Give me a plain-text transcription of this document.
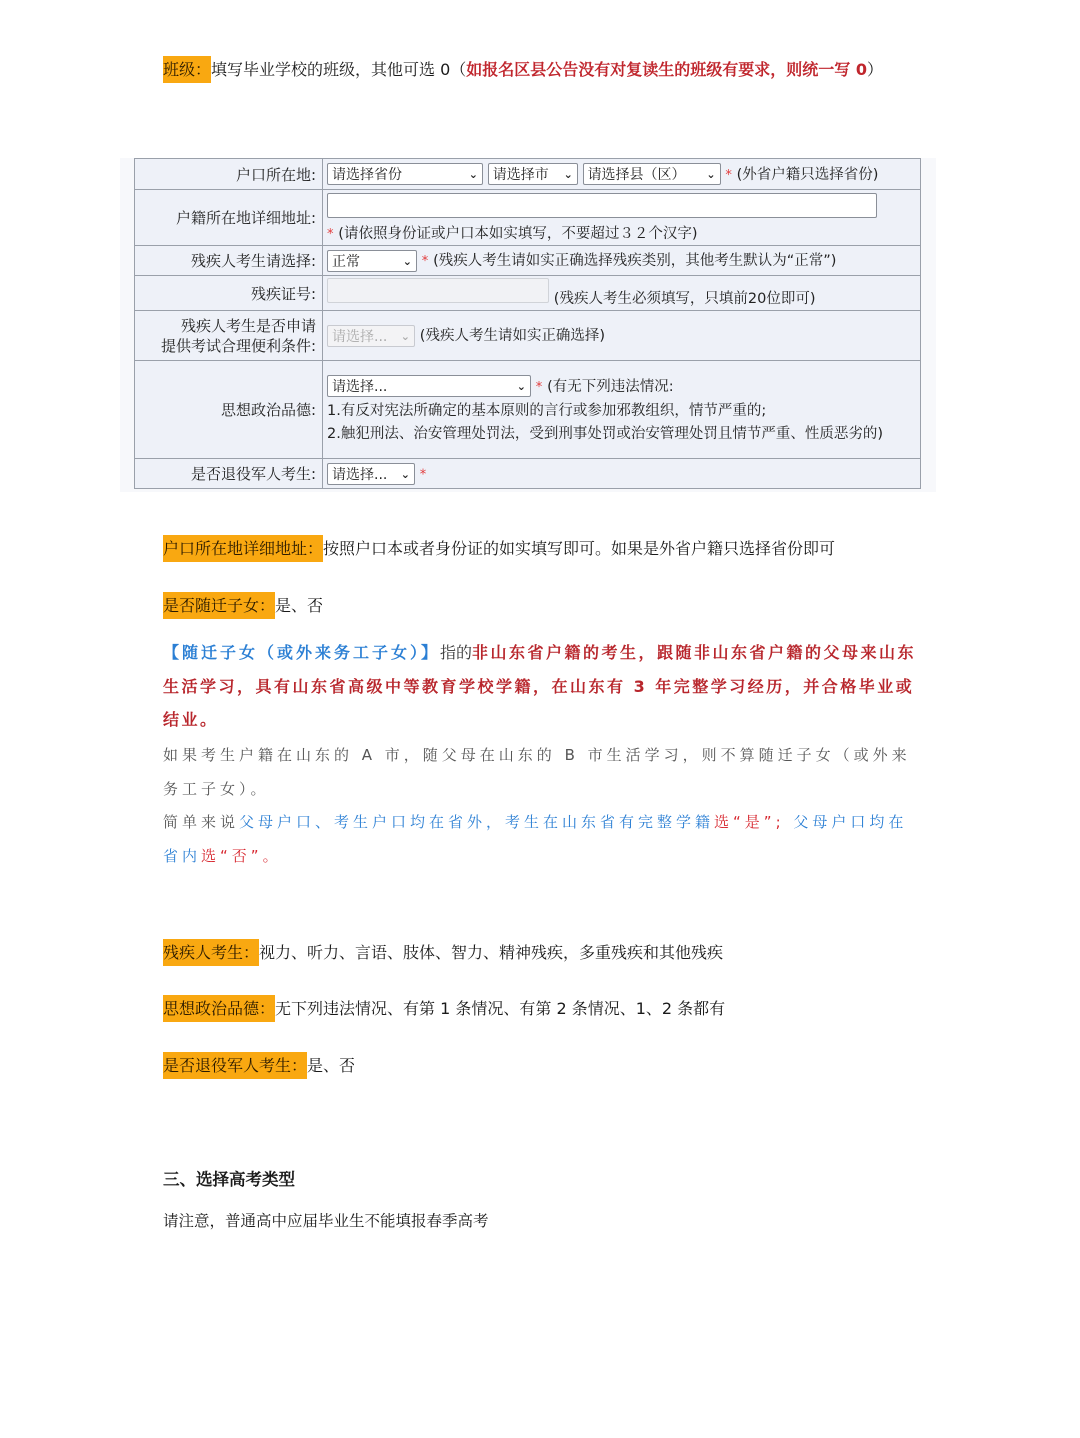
班级：填写毕业学校的班级，其他可选 0（如报名区县公告没有对复读生的班级有要求，则统一写 0）
户口所在地:	请选择省份	⌄ 请选择市 ⌄ 请选择县（区） ⌄ * (外省户籍只选择省份)
户籍所在地详细地址:	* (请依照身份证或户口本如实填写，不要超过３２个汉字)
残疾人考生请选择:	正常 ⌄ * (残疾人考生请如实正确选择残疾类别，其他考生默认为“正常”)
残疾证号:	(残疾人考生必须填写，只填前20位即可)
残疾人考生是否申请
提供考试合理便利条件:	请选择... ⌄ (残疾人考生请如实正确选择)
思想政治品德:	请选择... ⌄ * (有无下列违法情况:
1.有反对宪法所确定的基本原则的言行或参加邪教组织，情节严重的;
2.触犯刑法、治安管理处罚法，受到刑事处罚或治安管理处罚且情节严重、性质恶劣的)
是否退役军人考生:	请选择... ⌄ *
户口所在地详细地址：按照户口本或者身份证的如实填写即可。如果是外省户籍只选择省份即可
是否随迁子女：是、否
【随迁子女（或外来务工子女）】指的非山东省户籍的考生，跟随非山东省户籍的父母来山东生活学习，具有山东省高级中等教育学校学籍，在山东有 3 年完整学习经历，并合格毕业或结业。
如果考生户籍在山东的 A 市，随父母在山东的 B 市生活学习，则不算随迁子女（或外来务工子女）。
简单来说父母户口、考生户口均在省外，考生在山东省有完整学籍选“是”; 父母户口均在省内选“否”。
残疾人考生：视力、听力、言语、肢体、智力、精神残疾，多重残疾和其他残疾
思想政治品德：无下列违法情况、有第 1 条情况、有第 2 条情况、1、2 条都有
是否退役军人考生：是、否
三、选择高考类型
请注意，普通高中应届毕业生不能填报春季高考
